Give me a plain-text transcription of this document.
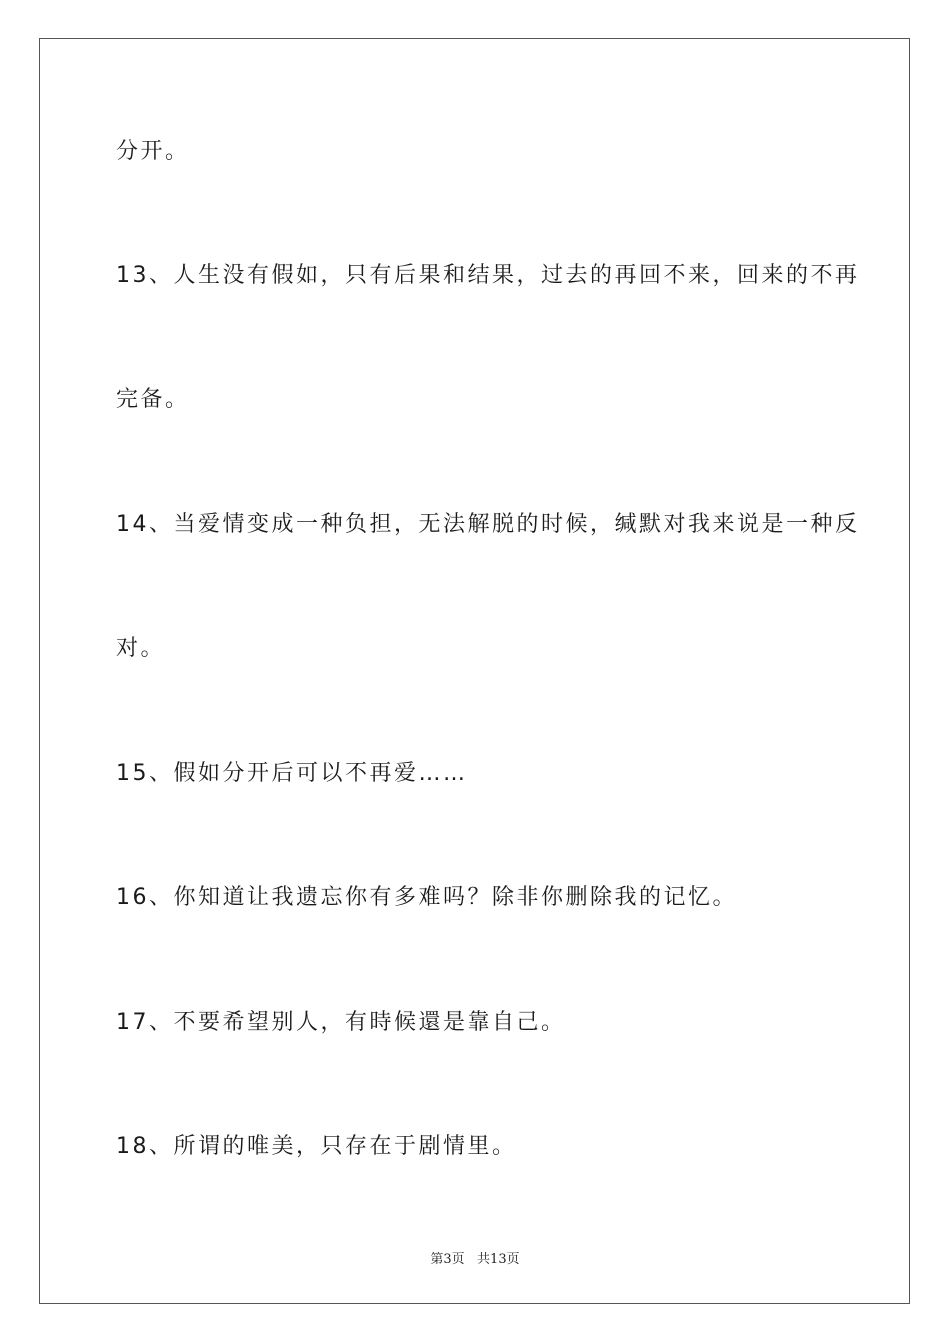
分开。
13、人生没有假如，只有后果和结果，过去的再回不来，回来的不再
完备。
14、当爱情变成一种负担，无法解脱的时候，缄默对我来说是一种反
对。
15、假如分开后可以不再爱……
16、你知道让我遗忘你有多难吗？除非你删除我的记忆。
17、不要希望别人，有時候還是靠自己。
18、所谓的唯美，只存在于剧情里。
第3页   共13页
